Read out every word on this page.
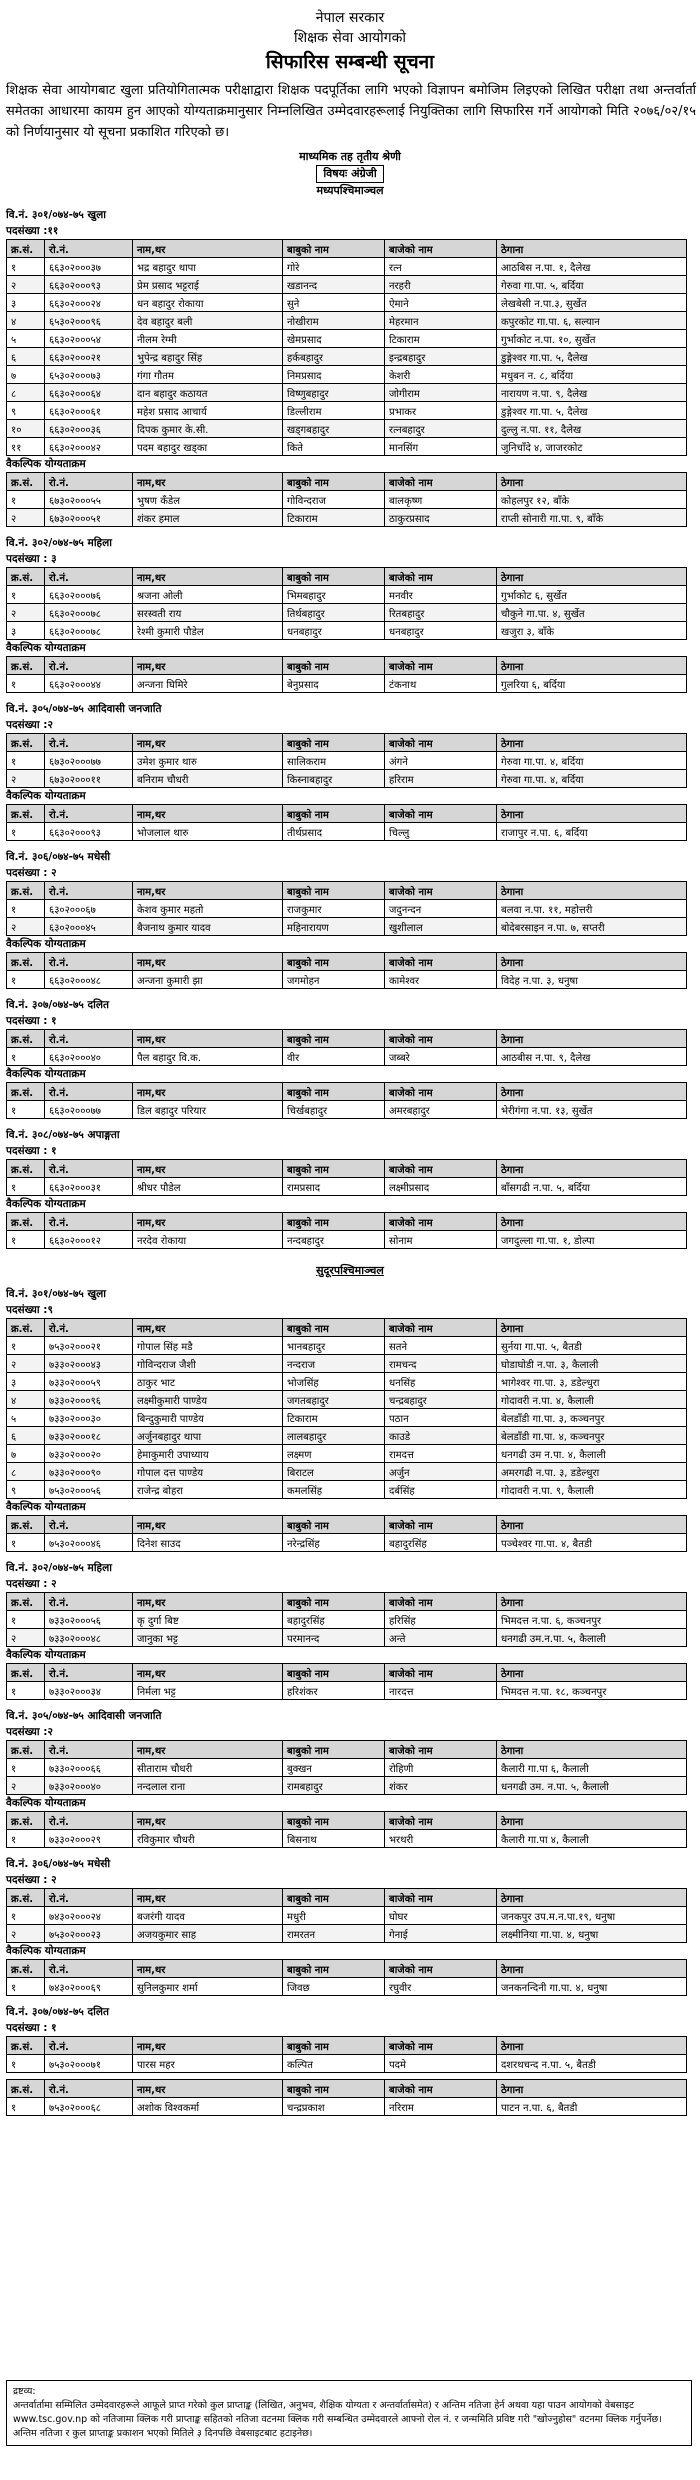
नेपाल सरकार
शिक्षक सेवा आयोगको
सिफारिस सम्बन्धी सूचना
शिक्षक सेवा आयोगबाट खुला प्रतियोगितात्मक परीक्षाद्वारा शिक्षक पदपूर्तिका लागि भएको विज्ञापन बमोजिम लिइएको लिखित परीक्षा तथा अन्तर्वार्ता समेतका आधारमा कायम हुन आएको योग्यताक्रमानुसार निम्नलिखित उम्मेदवारहरूलाई नियुक्तिका लागि सिफारिस गर्ने आयोगको मिति २०७६/०२/१५ को निर्णयानुसार यो सूचना प्रकाशित गरिएको छ।
माध्यमिक तह तृतीय श्रेणी
विषयः अंग्रेजी
मध्यपश्चिमाञ्चल
वि.नं. ३०१/०७४-७५ खुला
पदसंख्या :११
क्र.सं.	रो.नं.	नाम,थर	बाबुको नाम	बाजेको नाम	ठेगाना
१	६६३०२०००३७	भद्र बहादुर थापा	गोरे	रत्न	आठबिस न.पा. १, दैलेख
२	६६३०२०००९३	प्रेम प्रसाद भट्टराई	खडानन्द	नरहरी	गेरुवा गा.पा. ५, बर्दिया
३	६६३०२०००२४	धन बहादुर रोकाया	सुने	ऐमाने	लेखबेसी न.पा.३, सुर्खेत
४	६५३०२०००९६	देव बहादुर बली	नोखीराम	मेहरमान	कपुरकोट गा.पा. ६, सल्यान
५	६६३०२०००५४	नीलम रेग्मी	खेमप्रसाद	टिकाराम	गुर्भाकोट न.पा. १०, सुर्खेत
६	६६३०२०००२१	भुपेन्द्र बहादुर सिंह	हर्कबहादुर	इन्द्रबहादुर	डुङ्गेश्वर गा.पा. ५, दैलेख
७	६५३०२०००७३	गंगा गौतम	निमप्रसाद	केशरी	मधुबन न. ८, बर्दिया
८	६६३०२०००६४	दान बहादुर कठायत	विष्णुबहादुर	जोगीराम	नारायण न.पा. ९, दैलेख
९	६६३०२०००६१	महेश प्रसाद आचार्य	डिल्लीराम	प्रभाकर	डुङ्गेश्वर गा.पा. ५, दैलेख
१०	६६३०२०००३६	दिपक कुमार के.सी.	खड्गबहादुर	रत्नबहादुर	दुल्लु न.पा. ११, दैलेख
११	६६३०२०००४२	पदम बहादुर खड्का	किते	मानसिंग	जुनिचाँदे ४, जाजरकोट
वैकल्पिक योग्यताक्रम
क्र.सं.	रो.नं.	नाम,थर	बाबुको नाम	बाजेको नाम	ठेगाना
१	६७३०२०००५५	भुषण कँडेल	गोविन्दराज	बालकृष्ण	कोहलपुर १२, बाँके
२	६७३०२०००५१	शंकर हमाल	टिकाराम	ठाकुरप्रसाद	राप्ती सोनारी गा.पा. ९, बाँके
वि.नं. ३०२/०७४-७५ महिला
पदसंख्या : ३
क्र.सं.	रो.नं.	नाम,थर	बाबुको नाम	बाजेको नाम	ठेगाना
१	६६३०२०००७६	श्रजना ओली	भिमबहादुर	मनवीर	गुर्भाकोट ६, सुर्खेत
२	६६३०२०००७८	सरस्वती राय	तिर्थबहादुर	रितबहादुर	चौकुने गा.पा. ४, सुर्खेत
३	६६३०२०००७८	रेश्मी कुमारी पौडेल	धनबहादुर	धनबहादुर	खजुरा ३, बाँके
वैकल्पिक योग्यताक्रम
क्र.सं.	रो.नं.	नाम,थर	बाबुको नाम	बाजेको नाम	ठेगाना
१	६६३०२०००४४	अन्जना घिमिरे	बेनुप्रसाद	टंकनाथ	गुलरिया ६, बर्दिया
वि.नं. ३०५/०७४-७५ आदिवासी जनजाति
पदसंख्या :२
क्र.सं.	रो.नं.	नाम,थर	बाबुको नाम	बाजेको नाम	ठेगाना
१	६७३०२०००७७	उमेश कुमार थारु	सालिकराम	अंगने	गेरुवा गा.पा. ४, बर्दिया
२	६७३०२०००११	बनिराम चौधरी	किस्नाबहादुर	हरिराम	गेरुवा गा.पा. ४, बर्दिया
वैकल्पिक योग्यताक्रम
क्र.सं.	रो.नं.	नाम,थर	बाबुको नाम	बाजेको नाम	ठेगाना
१	६६३०२०००९३	भोजलाल थारु	तीर्थप्रसाद	चिल्लु	राजापुर न.पा. ६, बर्दिया
वि.नं. ३०६/०७४-७५ मधेसी
पदसंख्या : २
क्र.सं.	रो.नं.	नाम,थर	बाबुको नाम	बाजेको नाम	ठेगाना
१	६३०२०००६७	केशव कुमार महतो	राजकुमार	जदुनन्दन	बलवा न.पा. ११, महोत्तरी
२	६३०२०००४५	बैजनाथ कुमार यादव	महिनारायण	खुशीलाल	बोदेबरसाइन न.पा. ७, सप्तरी
वैकल्पिक योग्यताक्रम
क्र.सं.	रो.नं.	नाम,थर	बाबुको नाम	बाजेको नाम	ठेगाना
१	६६३०२०००४८	अन्जना कुमारी झा	जगमोहन	कामेश्वर	विदेह न.पा. ३, धनुषा
वि.नं. ३०७/०७४-७५ दलित
पदसंख्या : १
क्र.सं.	रो.नं.	नाम,थर	बाबुको नाम	बाजेको नाम	ठेगाना
१	६६३०२०००४०	पैल बहादुर वि.क.	वीर	जब्बरे	आठबीस न.पा. ९, दैलेख
वैकल्पिक योग्यताक्रम
क्र.सं.	रो.नं.	नाम,थर	बाबुको नाम	बाजेको नाम	ठेगाना
१	६६३०२०००७७	डिल बहादुर परियार	चिर्खबहादुर	अमरबहादुर	भेरीगंगा न.पा. १३, सुर्खेत
वि.नं. ३०८/०७४-७५ अपाङ्गता
पदसंख्या : १
क्र.सं.	रो.नं.	नाम,थर	बाबुको नाम	बाजेको नाम	ठेगाना
१	६६३०२०००३१	श्रीधर पौडेल	रामप्रसाद	लक्ष्मीप्रसाद	बाँसगढी न.पा. ५, बर्दिया
वैकल्पिक योग्यताक्रम
क्र.सं.	रो.नं.	नाम,थर	बाबुको नाम	बाजेको नाम	ठेगाना
१	६६३०२०००१२	नरदेव रोकाया	नन्दबहादुर	सोनाम	जगदुल्ला गा.पा. १, डोल्पा
सुदूरपश्चिमाञ्चल
वि.नं. ३०१/०७४-७५ खुला
पदसंख्या :९
क्र.सं.	रो.नं.	नाम,थर	बाबुको नाम	बाजेको नाम	ठेगाना
१	७५३०२०००२१	गोपाल सिंह मडै	भानबहादुर	सतने	सुर्नया गा.पा. ५, बैतडी
२	७३३०२०००४३	गोविन्दराज जैशी	नन्दराज	रामचन्द	घोडाघोडी न.पा. ३, कैलाली
३	७३३०२०००५९	ठाकुर भाट	भोजसिंह	धनसिंह	भागेश्वर गा.पा. ३, डडेल्धुरा
४	७३३०२०००९६	लक्ष्मीकुमारी पाण्डेय	जगतबहादुर	चन्द्रबहादुर	गोदावरी न.पा. ४, कैलाली
५	७३३०२०००३०	बिन्दुकुमारी पाण्डेय	टिकाराम	पठान	बेलडाँडी गा.पा. ३, कञ्चनपुर
६	७३३०२०००१८	अर्जुनबहादुर थापा	लालबहादुर	काउडे	बेलडाँडी गा.पा. ४, कञ्चनपुर
७	७३३०२०००२०	हेमाकुमारी उपाध्याय	लक्ष्मण	रामदत्त	धनगढी उम न.पा. ४, कैलाली
८	७३३०२०००९०	गोपाल दत्त पाण्डेय	बिराटल	अर्जुन	अमरगढी न.पा. ३, डडेल्धुरा
९	७५३०२०००५६	राजेन्द्र बोहरा	कमलसिंह	दर्बसिंह	गोदावरी न.पा. ९, कैलाली
वैकल्पिक योग्यताक्रम
क्र.सं.	रो.नं.	नाम,थर	बाबुको नाम	बाजेको नाम	ठेगाना
१	७५३०२०००४६	दिनेश साउद	नरेन्द्रसिंह	बहादुरसिंह	पञ्चेश्वर गा.पा. ४, बैतडी
वि.नं. ३०२/०७४-७५ महिला
पदसंख्या : २
क्र.सं.	रो.नं.	नाम,थर	बाबुको नाम	बाजेको नाम	ठेगाना
१	७३३०२०००५६	कृ दुर्गा बिष्ट	बहादुरसिंह	हरिसिंह	भिमदत्त न.पा. ६, कञ्चनपुर
२	७३३०२०००४८	जानुका भट्ट	परमानन्द	अन्ते	धनगढी उम.न.पा. ५, कैलाली
वैकल्पिक योग्यताक्रम
क्र.सं.	रो.नं.	नाम,थर	बाबुको नाम	बाजेको नाम	ठेगाना
१	७३३०२०००३४	निर्मला भट्ट	हरिशंकर	नारदत्त	भिमदत्त न.पा. १८, कञ्चनपुर
वि.नं. ३०५/०७४-७५ आदिवासी जनजाति
पदसंख्या :२
क्र.सं.	रो.नं.	नाम,थर	बाबुको नाम	बाजेको नाम	ठेगाना
१	७३३०२०००६६	सीताराम चौधरी	बुक्खन	रोहिणी	कैलारी गा.पा ६, कैलाली
२	७३३०२०००४०	नन्दलाल राना	रामबहादुर	शंकर	धनगढी उम. न.पा. ५, कैलाली
वैकल्पिक योग्यताक्रम
क्र.सं.	रो.नं.	नाम,थर	बाबुको नाम	बाजेको नाम	ठेगाना
१	७३३०२०००२९	रविकुमार चौधरी	बिसनाथ	भरथरी	कैलारी गा.पा ४, कैलाली
वि.नं. ३०६/०७४-७५ मधेसी
पदसंख्या : २
क्र.सं.	रो.नं.	नाम,थर	बाबुको नाम	बाजेको नाम	ठेगाना
१	७४३०२०००२४	बजरंगी यादव	मधुरी	घोघर	जनकपुर उप.म.न.पा.१९, धनुषा
२	७५३०२०००२३	अजयकुमार साह	रामरतन	गेनाई	लक्ष्मीनिया गा.पा. ४, धनुषा
वैकल्पिक योग्यताक्रम
क्र.सं.	रो.नं.	नाम,थर	बाबुको नाम	बाजेको नाम	ठेगाना
१	७४३०२०००६९	सुनिलकुमार शर्मा	जिवछ	रघुवीर	जनकनन्दिनी गा.पा. ४, धनुषा
वि.नं. ३०७/०७४-७५ दलित
पदसंख्या : १
क्र.सं.	रो.नं.	नाम,थर	बाबुको नाम	बाजेको नाम	ठेगाना
१	७५३०२०००७१	पारस महर	कल्पित	पदमे	दशरथचन्द न.पा. ५, बैतडी
क्र.सं.	रो.नं.	नाम,थर	बाबुको नाम	बाजेको नाम	ठेगाना
१	७५३०२०००६८	अशोक विश्वकर्मा	चन्द्रप्रकाश	नरिराम	पाटन न.पा. ६, बैतडी
द्रष्टव्य:
अन्तर्वार्तामा सम्मिलित उम्मेदवारहरूले आफूले प्राप्त गरेको कुल प्राप्ताङ्क (लिखित, अनुभव, शैक्षिक योग्यता र अन्तर्वार्तासमेत) र अन्तिम नतिजा हेर्न अथवा यहा पाउन आयोगको वेबसाइट www.tsc.gov.np को नतिजामा क्लिक गरी प्राप्ताङ्क सहितको नतिजा वटनमा क्लिक गरी सम्बन्धित उम्मेदवारले आफ्नो रोल नं. र जन्ममिति प्रविष्ट गरी "खोज्नुहोस" वटनमा क्लिक गर्नुपर्नेछ। अन्तिम नतिजा र कुल प्राप्ताङ्क प्रकाशन भएको मितिले ३ दिनपछि वेबसाइटबाट हटाइनेछ।
